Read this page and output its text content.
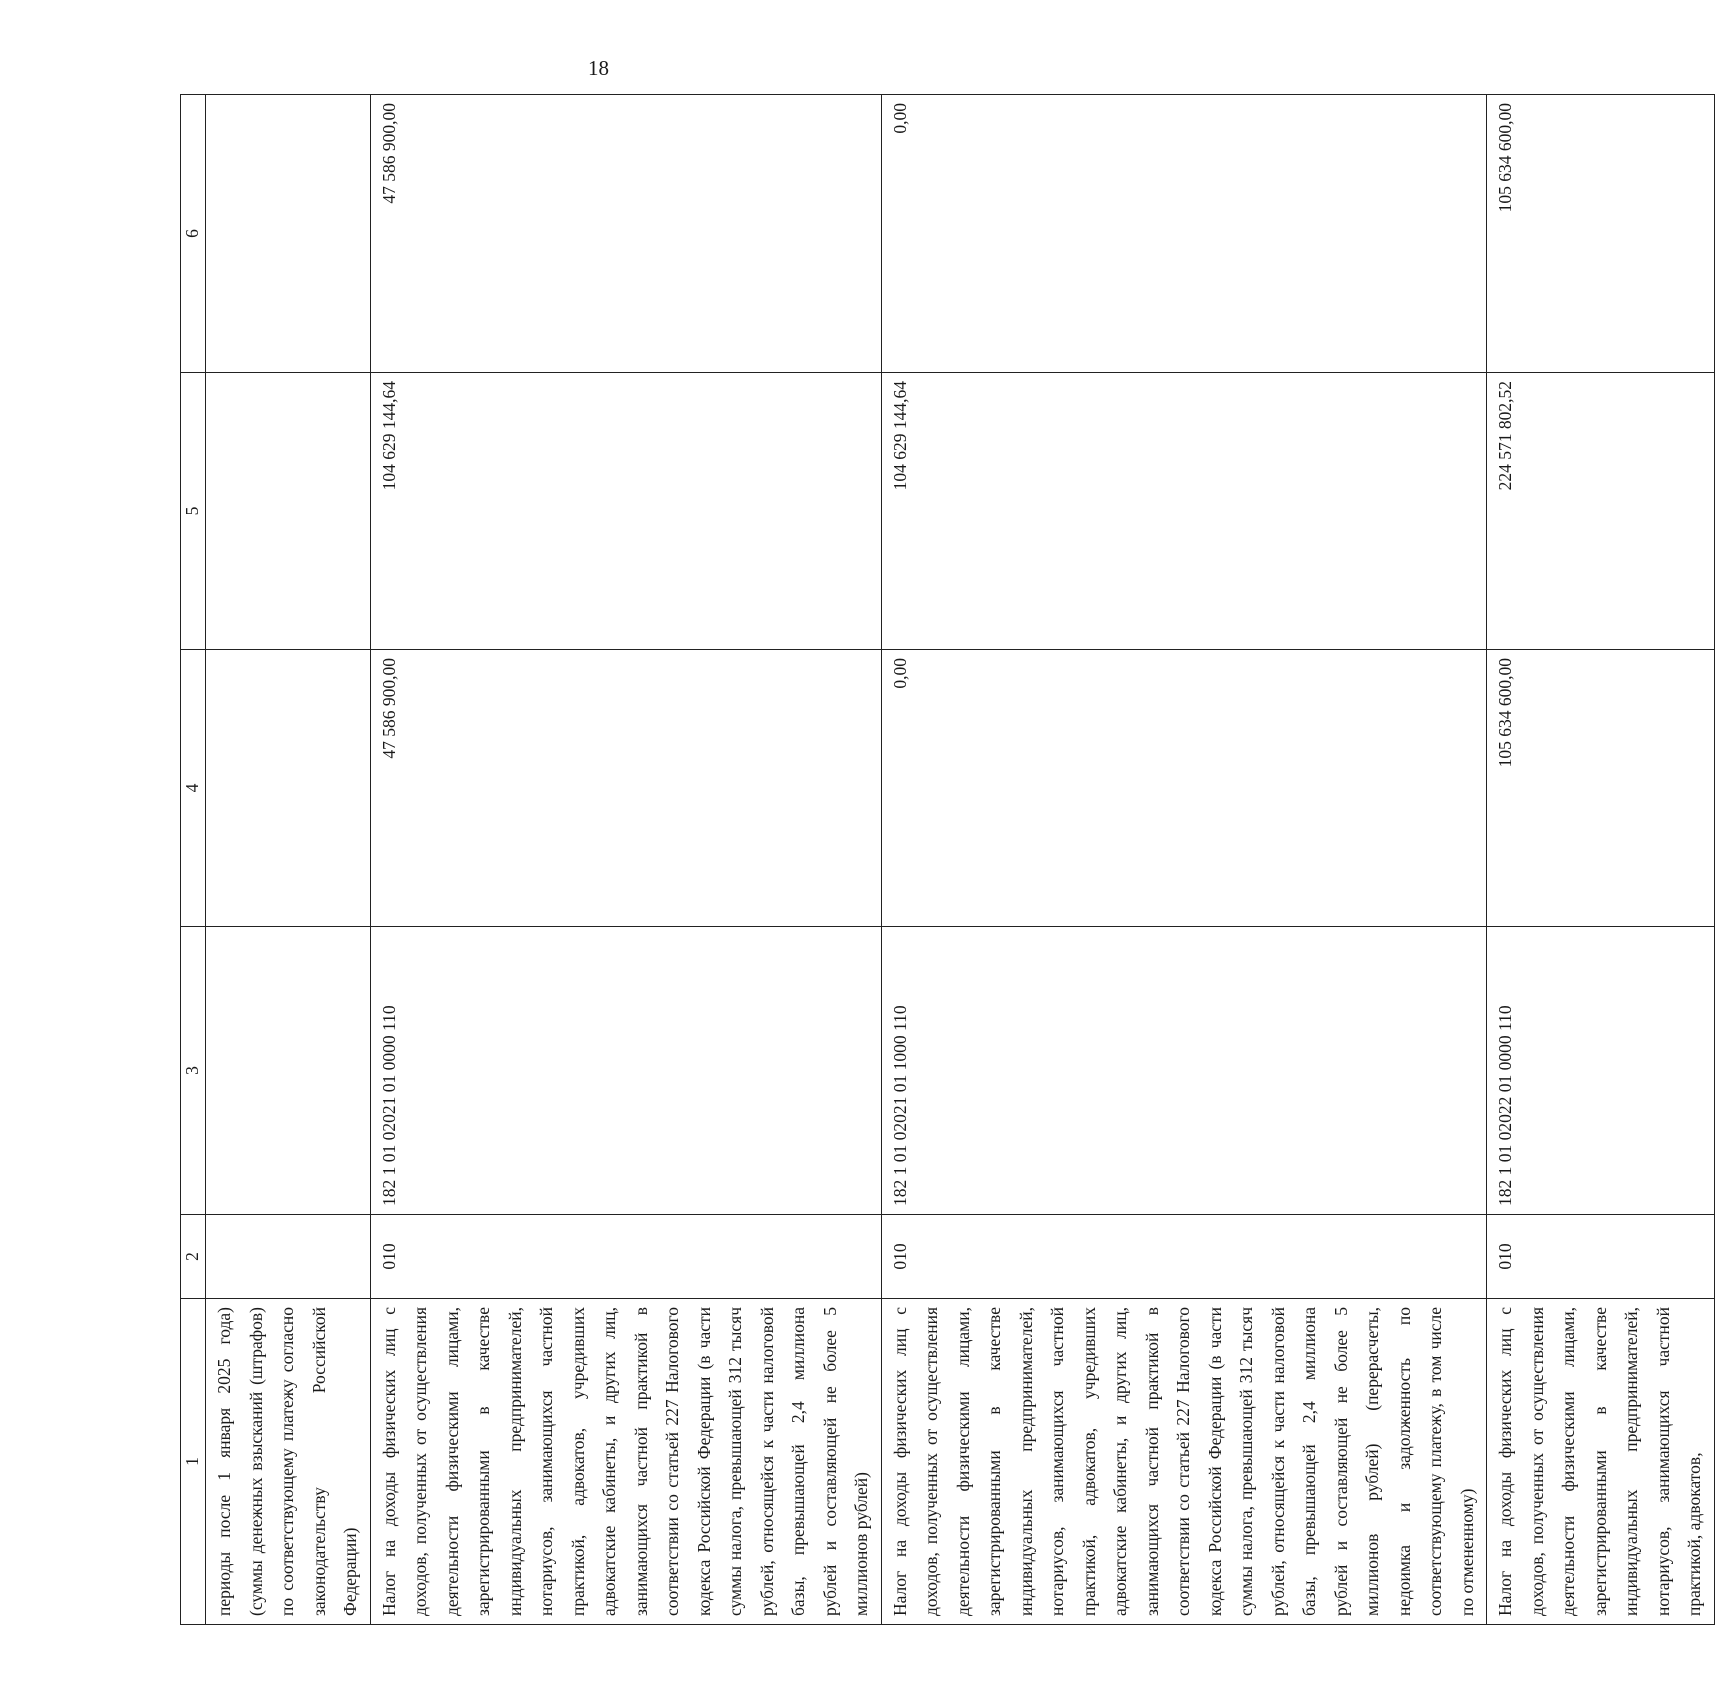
18
1	2	3	4	5	6
периоды после 1 января 2025 года) (суммы денежных взысканий (штрафов) по соответствующему платежу согласно законодательству Российской Федерации)					
Налог на доходы физических лиц с доходов, полученных от осуществления деятельности физическими лицами, зарегистрированными в качестве индивидуальных предпринимателей, нотариусов, занимающихся частной практикой, адвокатов, учредивших адвокатские кабинеты, и других лиц, занимающихся частной практикой в соответствии со статьей 227 Налогового кодекса Российской Федерации (в части суммы налога, превышающей 312 тысяч рублей, относящейся к части налоговой базы, превышающей 2,4 миллиона рублей и составляющей не более 5 миллионов рублей)	010	182 1 01 02021 01 0000 110	47 586 900,00	104 629 144,64	47 586 900,00
Налог на доходы физических лиц с доходов, полученных от осуществления деятельности физическими лицами, зарегистрированными в качестве индивидуальных предпринимателей, нотариусов, занимающихся частной практикой, адвокатов, учредивших адвокатские кабинеты, и других лиц, занимающихся частной практикой в соответствии со статьей 227 Налогового кодекса Российской Федерации (в части суммы налога, превышающей 312 тысяч рублей, относящейся к части налоговой базы, превышающей 2,4 миллиона рублей и составляющей не более 5 миллионов рублей) (перерасчеты, недоимка и задолженность по соответствующему платежу, в том числе по отмененному)	010	182 1 01 02021 01 1000 110	0,00	104 629 144,64	0,00
Налог на доходы физических лиц с доходов, полученных от осуществления деятельности физическими лицами, зарегистрированными в качестве индивидуальных предпринимателей, нотариусов, занимающихся частной практикой, адвокатов,	010	182 1 01 02022 01 0000 110	105 634 600,00	224 571 802,52	105 634 600,00
